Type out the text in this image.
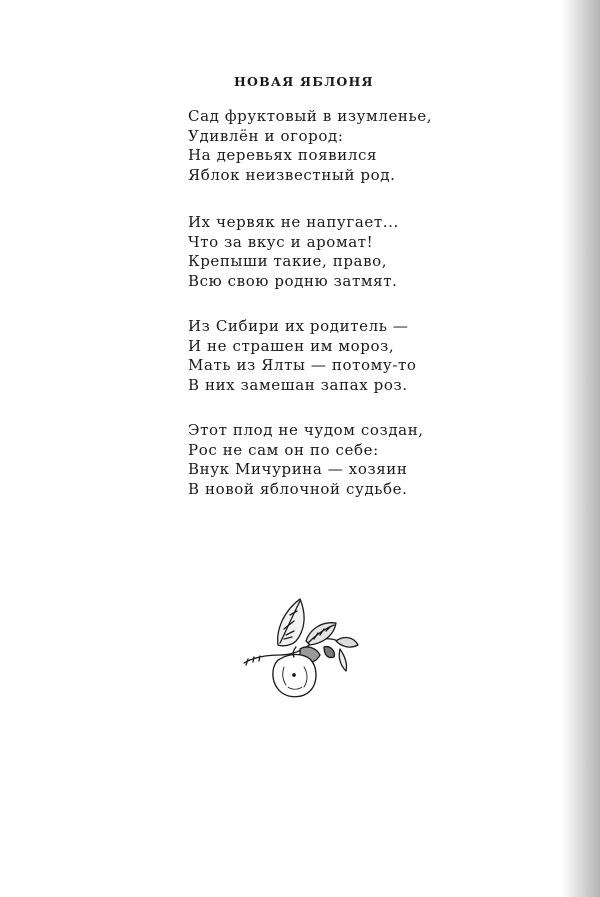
НОВАЯ ЯБЛОНЯ
Сад фруктовый в изумленье,
Удивлён и огород:
На деревьях появился
Яблок неизвестный род.
Их червяк не напугает...
Что за вкус и аромат!
Крепыши такие, право,
Всю свою родню затмят.
Из Сибири их родитель —
И не страшен им мороз,
Мать из Ялты — потому-то
В них замешан запах роз.
Этот плод не чудом создан,
Рос не сам он по себе:
Внук Мичурина — хозяин
В новой яблочной судьбе.
